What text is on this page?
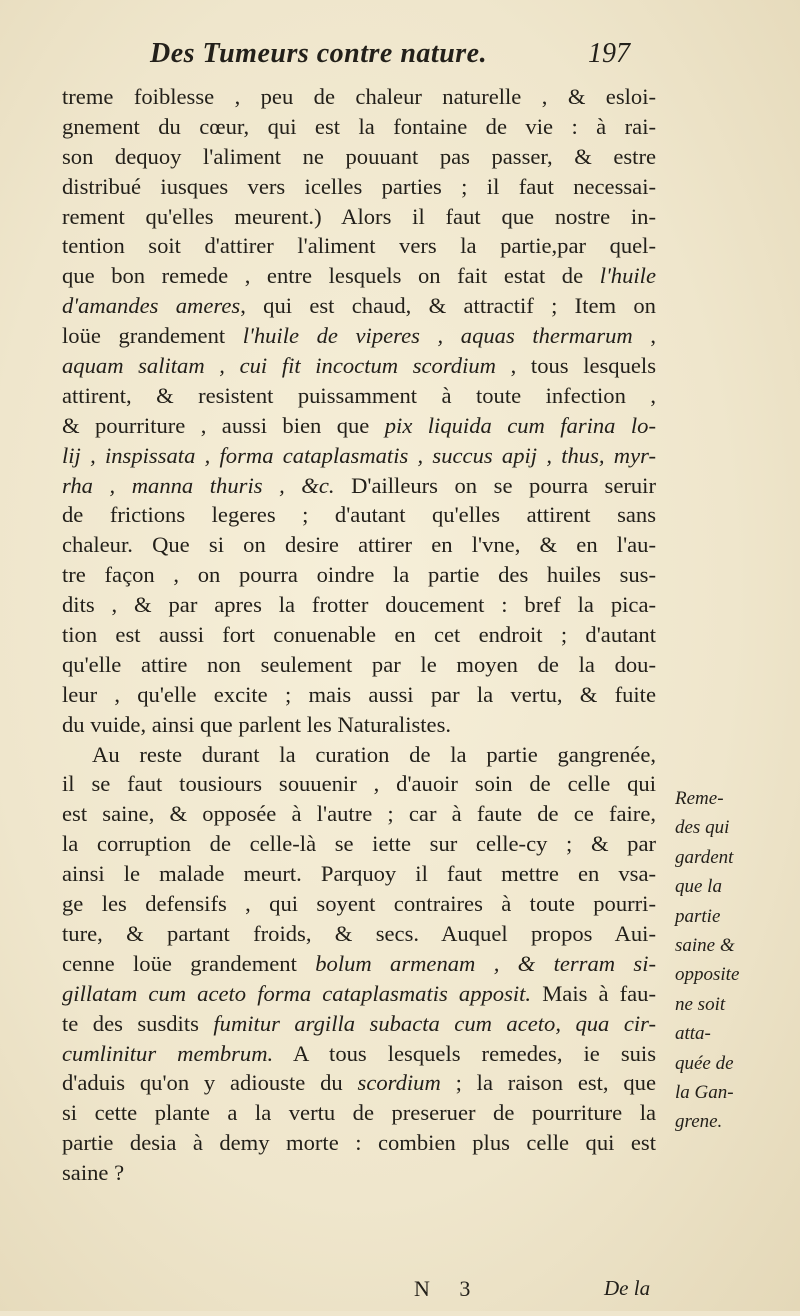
Des Tumeurs contre nature.	197
treme foiblesse , peu de chaleur naturelle , & esloi-
gnement du cœur, qui est la fontaine de vie : à rai-
son dequoy l'aliment ne pouuant pas passer, & estre
distribué iusques vers icelles parties ; il faut necessai-
rement qu'elles meurent.) Alors il faut que nostre in-
tention soit d'attirer l'aliment vers la partie,par quel-
que bon remede , entre lesquels on fait estat de l'huile
d'amandes ameres, qui est chaud, & attractif ; Item on
loüe grandement l'huile de viperes , aquas thermarum ,
aquam salitam , cui fit incoctum scordium , tous lesquels
attirent, & resistent puissamment à toute infection ,
& pourriture , aussi bien que pix liquida cum farina lo-
lij , inspissata , forma cataplasmatis , succus apij , thus, myr-
rha , manna thuris , &c. D'ailleurs on se pourra seruir
de frictions legeres ; d'autant qu'elles attirent sans
chaleur. Que si on desire attirer en l'vne, & en l'au-
tre façon , on pourra oindre la partie des huiles sus-
dits , & par apres la frotter doucement : bref la pica-
tion est aussi fort conuenable en cet endroit ; d'autant
qu'elle attire non seulement par le moyen de la dou-
leur , qu'elle excite ; mais aussi par la vertu, & fuite
du vuide, ainsi que parlent les Naturalistes.
Au reste durant la curation de la partie gangrenée,
il se faut tousiours souuenir , d'auoir soin de celle qui
est saine, & opposée à l'autre ; car à faute de ce faire,
la corruption de celle-là se iette sur celle-cy ; & par
ainsi le malade meurt. Parquoy il faut mettre en vsa-
ge les defensifs , qui soyent contraires à toute pourri-
ture, & partant froids, & secs. Auquel propos Aui-
cenne loüe grandement bolum armenam , & terram si-
gillatam cum aceto forma cataplasmatis apposit. Mais à fau-
te des susdits fumitur argilla subacta cum aceto, qua cir-
cumlinitur membrum. A tous lesquels remedes, ie suis
d'aduis qu'on y adiouste du scordium ; la raison est, que
si cette plante a la vertu de preseruer de pourriture la
partie desia à demy morte : combien plus celle qui est
saine ?
Reme-
des qui
gardent
que la
partie
saine &
opposite
ne soit
atta-
quée de
la Gan-
grene.
N 3	De la
